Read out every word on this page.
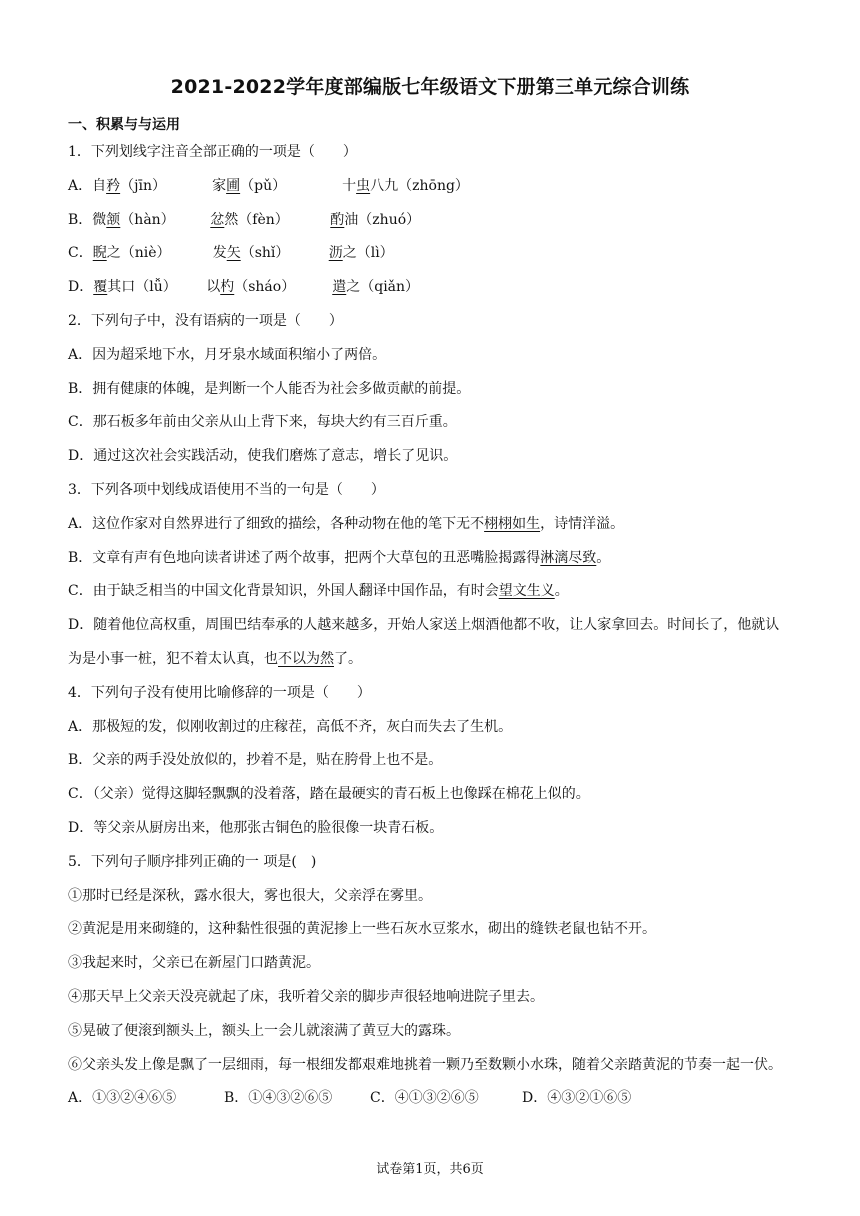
2021-2022学年度部编版七年级语文下册第三单元综合训练
一、积累与与运用
1．下列划线字注音全部正确的一项是（　　）
A．自矜（jīn）	家圃（pǔ）	十虫八九（zhōng）
B．微颔（hàn）	忿然（fèn）	酌油（zhuó）
C．睨之（niè）	发矢（shǐ）	沥之（lì）
D．覆其口（lǚ） 以杓（sháo）	遣之（qiǎn）
2．下列句子中，没有语病的一项是（　　）
A．因为超采地下水，月牙泉水域面积缩小了两倍。
B．拥有健康的体魄，是判断一个人能否为社会多做贡献的前提。
C．那石板多年前由父亲从山上背下来，每块大约有三百斤重。
D．通过这次社会实践活动，使我们磨炼了意志，增长了见识。
3．下列各项中划线成语使用不当的一句是（　　）
A．这位作家对自然界进行了细致的描绘，各种动物在他的笔下无不栩栩如生，诗情洋溢。
B．文章有声有色地向读者讲述了两个故事，把两个大草包的丑恶嘴脸揭露得淋漓尽致。
C．由于缺乏相当的中国文化背景知识，外国人翻译中国作品，有时会望文生义。
D．随着他位高权重，周围巴结奉承的人越来越多，开始人家送上烟酒他都不收，让人家拿回去。时间长了，他就认为是小事一桩，犯不着太认真，也不以为然了。
4．下列句子没有使用比喻修辞的一项是（　　）
A．那极短的发，似刚收割过的庄稼茬，高低不齐，灰白而失去了生机。
B．父亲的两手没处放似的，抄着不是，贴在胯骨上也不是。
C．（父亲）觉得这脚轻飘飘的没着落，踏在最硬实的青石板上也像踩在棉花上似的。
D．等父亲从厨房出来，他那张古铜色的脸很像一块青石板。
5．下列句子顺序排列正确的一 项是(　)
①那时已经是深秋，露水很大，雾也很大，父亲浮在雾里。
②黄泥是用来砌缝的，这种黏性很强的黄泥掺上一些石灰水豆浆水，砌出的缝铁老鼠也钻不开。
③我起来时，父亲已在新屋门口踏黄泥。
④那天早上父亲天没亮就起了床，我听着父亲的脚步声很轻地响进院子里去。
⑤晃破了便滚到额头上，额头上一会儿就滚满了黄豆大的露珠。
⑥父亲头发上像是飘了一层细雨，每一根细发都艰难地挑着一颗乃至数颗小水珠，随着父亲踏黄泥的节奏一起一伏。
A．①③②④⑥⑤	B．①④③②⑥⑤	C．④①③②⑥⑤	D．④③②①⑥⑤
试卷第1页，共6页
